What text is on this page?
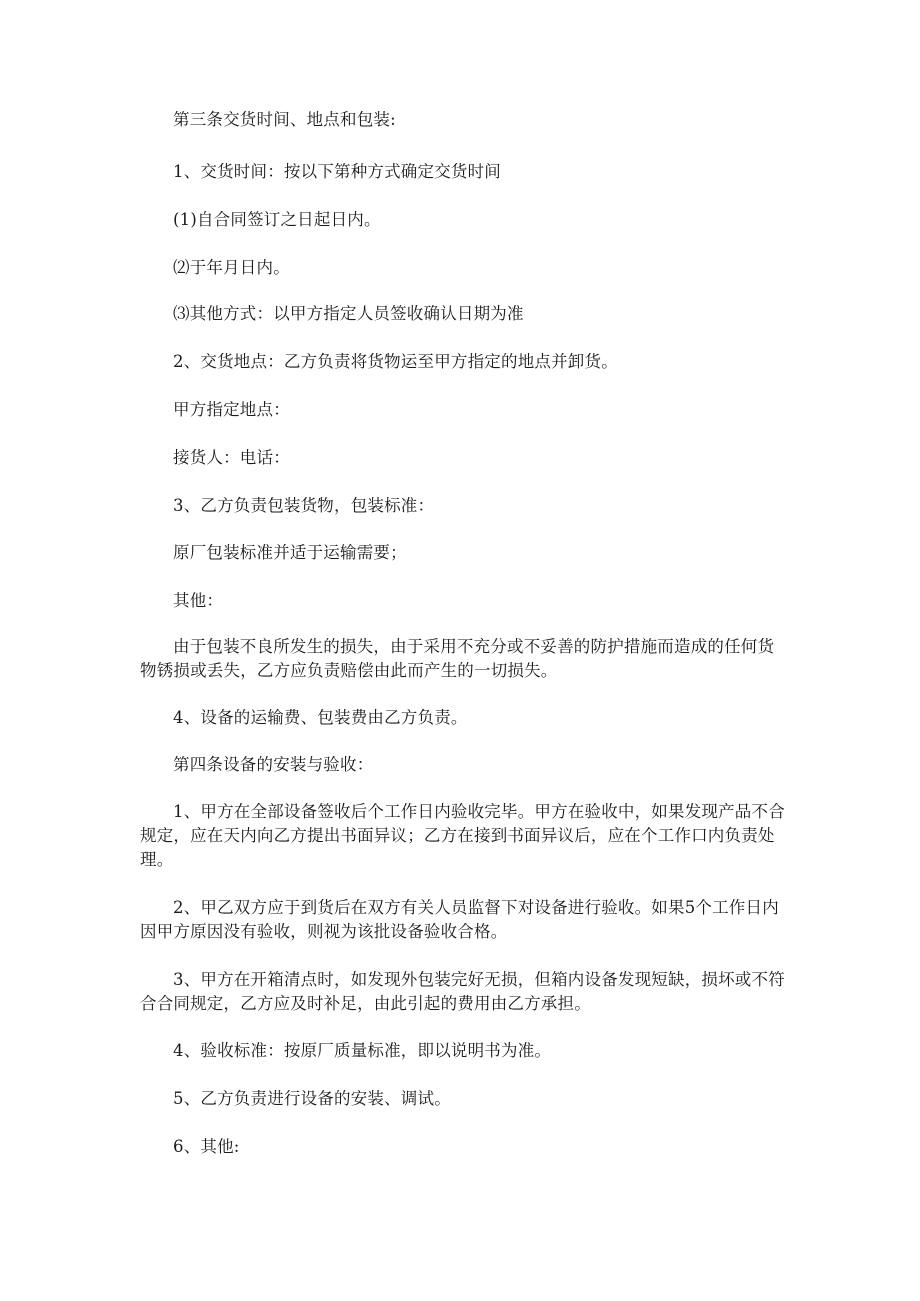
第三条交货时间、地点和包装:

1、交货时间：按以下第种方式确定交货时间

(1)自合同签订之日起日内。

⑵于年月日内。

⑶其他方式：以甲方指定人员签收确认日期为准

2、交货地点：乙方负责将货物运至甲方指定的地点并卸货。

甲方指定地点：

接货人：电话：

3、乙方负责包装货物，包装标准：

原厂包装标准并适于运输需要；

其他：

由于包装不良所发生的损失，由于采用不充分或不妥善的防护措施而造成的任何货物锈损或丢失，乙方应负责赔偿由此而产生的一切损失。

4、设备的运输费、包装费由乙方负责。

第四条设备的安装与验收：

1、甲方在全部设备签收后个工作日内验收完毕。甲方在验收中，如果发现产品不合规定，应在天内向乙方提出书面异议；乙方在接到书面异议后，应在个工作口内负责处理。

2、甲乙双方应于到货后在双方有关人员监督下对设备进行验收。如果5个工作日内因甲方原因没有验收，则视为该批设备验收合格。

3、甲方在开箱清点时，如发现外包装完好无损，但箱内设备发现短缺，损坏或不符合合同规定，乙方应及时补足，由此引起的费用由乙方承担。

4、验收标准：按原厂质量标准，即以说明书为准。

5、乙方负责进行设备的安装、调试。

6、其他:
